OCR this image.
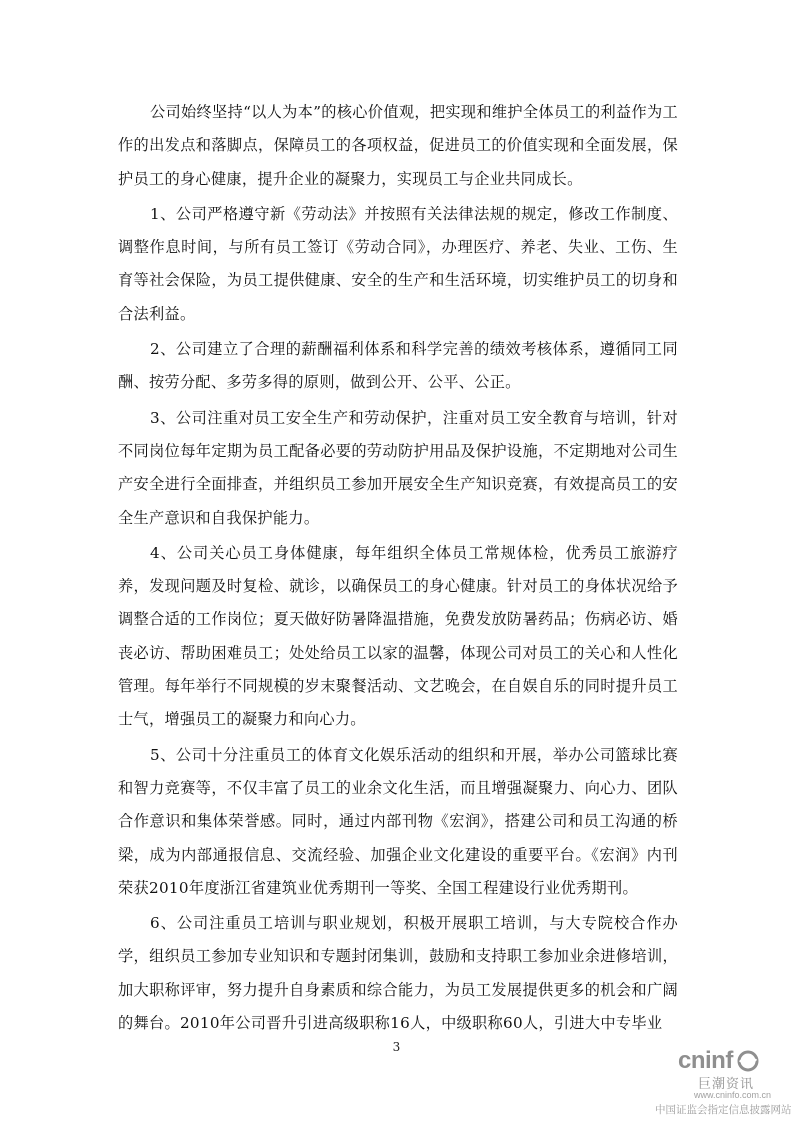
公司始终坚持“以人为本”的核心价值观，把实现和维护全体员工的利益作为工作的出发点和落脚点，保障员工的各项权益，促进员工的价值实现和全面发展，保护员工的身心健康，提升企业的凝聚力，实现员工与企业共同成长。

1、公司严格遵守新《劳动法》并按照有关法律法规的规定，修改工作制度、调整作息时间，与所有员工签订《劳动合同》，办理医疗、养老、失业、工伤、生育等社会保险，为员工提供健康、安全的生产和生活环境，切实维护员工的切身和合法利益。

2、公司建立了合理的薪酬福利体系和科学完善的绩效考核体系，遵循同工同酬、按劳分配、多劳多得的原则，做到公开、公平、公正。

3、公司注重对员工安全生产和劳动保护，注重对员工安全教育与培训，针对不同岗位每年定期为员工配备必要的劳动防护用品及保护设施，不定期地对公司生产安全进行全面排查，并组织员工参加开展安全生产知识竞赛，有效提高员工的安全生产意识和自我保护能力。

4、公司关心员工身体健康，每年组织全体员工常规体检，优秀员工旅游疗养，发现问题及时复检、就诊，以确保员工的身心健康。针对员工的身体状况给予调整合适的工作岗位；夏天做好防暑降温措施，免费发放防暑药品；伤病必访、婚丧必访、帮助困难员工；处处给员工以家的温馨，体现公司对员工的关心和人性化管理。每年举行不同规模的岁末聚餐活动、文艺晚会，在自娱自乐的同时提升员工士气，增强员工的凝聚力和向心力。

5、公司十分注重员工的体育文化娱乐活动的组织和开展，举办公司篮球比赛和智力竞赛等，不仅丰富了员工的业余文化生活，而且增强凝聚力、向心力、团队合作意识和集体荣誉感。同时，通过内部刊物《宏润》，搭建公司和员工沟通的桥梁，成为内部通报信息、交流经验、加强企业文化建设的重要平台。《宏润》内刊荣获2010年度浙江省建筑业优秀期刊一等奖、全国工程建设行业优秀期刊。

6、公司注重员工培训与职业规划，积极开展职工培训，与大专院校合作办学，组织员工参加专业知识和专题封闭集训，鼓励和支持职工参加业余进修培训，加大职称评审，努力提升自身素质和综合能力，为员工发展提供更多的机会和广阔的舞台。2010年公司晋升引进高级职称16人，中级职称60人，引进大中专毕业

3	cninf
巨潮资讯
www.cninfo.com.cn
中国证监会指定信息披露网站
